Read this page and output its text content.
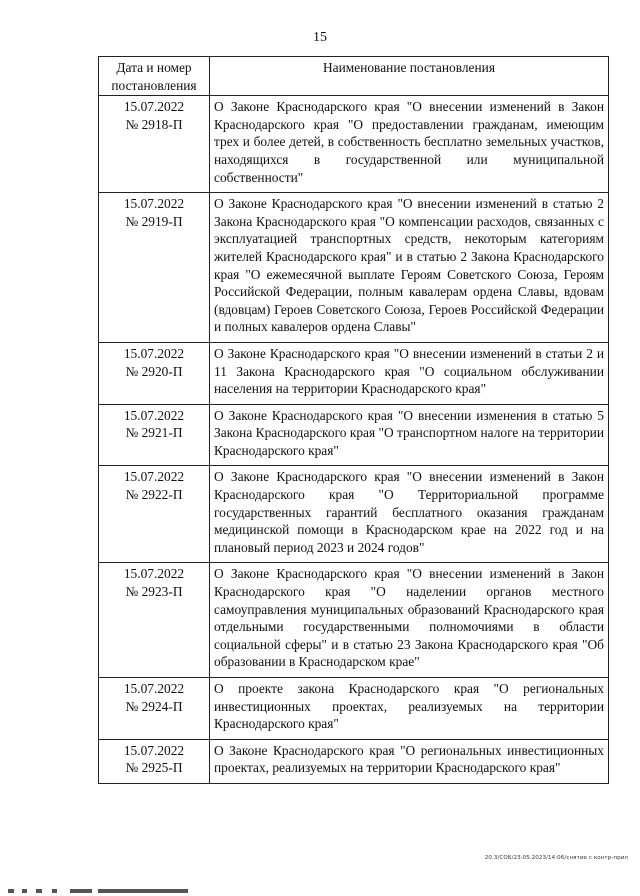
15
Дата и номер постановления	Наименование постановления

15.07.2022
№ 2918-П	О Законе Краснодарского края "О внесении изменений в Закон Краснодарского края "О предоставлении гражданам, имеющим трех и более детей, в собственность бесплатно земельных участков, находящихся в государственной или муниципальной собственности"

15.07.2022
№ 2919-П	О Законе Краснодарского края "О внесении изменений в статью 2 Закона Краснодарского края "О компенсации расходов, связанных с эксплуатацией транспортных средств, некоторым категориям жителей Краснодарского края" и в статью 2 Закона Краснодарского края "О ежемесячной выплате Героям Советского Союза, Героям Российской Федерации, полным кавалерам ордена Славы, вдовам (вдовцам) Героев Советского Союза, Героев Российской Федерации и полных кавалеров ордена Славы"

15.07.2022
№ 2920-П	О Законе Краснодарского края "О внесении изменений в статьи 2 и 11 Закона Краснодарского края "О социальном обслуживании населения на территории Краснодарского края"

15.07.2022
№ 2921-П	О Законе Краснодарского края "О внесении изменения в статью 5 Закона Краснодарского края "О транспортном налоге на территории Краснодарского края"

15.07.2022
№ 2922-П	О Законе Краснодарского края "О внесении изменений в Закон Краснодарского края "О Территориальной программе государственных гарантий бесплатного оказания гражданам медицинской помощи в Краснодарском крае на 2022 год и на плановый период 2023 и 2024 годов"

15.07.2022
№ 2923-П	О Законе Краснодарского края "О внесении изменений в Закон Краснодарского края "О наделении органов местного самоуправления муниципальных образований Краснодарского края отдельными государственными полномочиями в области социальной сферы" и в статью 23 Закона Краснодарского края "Об образовании в Краснодарском крае"

15.07.2022
№ 2924-П	О проекте закона Краснодарского края "О региональных инвестиционных проектах, реализуемых на территории Краснодарского края"

15.07.2022
№ 2925-П	О Законе Краснодарского края "О региональных инвестиционных проектах, реализуемых на территории Краснодарского края"
20.3/СОБ/23.05.2023/14:06/снятие с контр-прил
